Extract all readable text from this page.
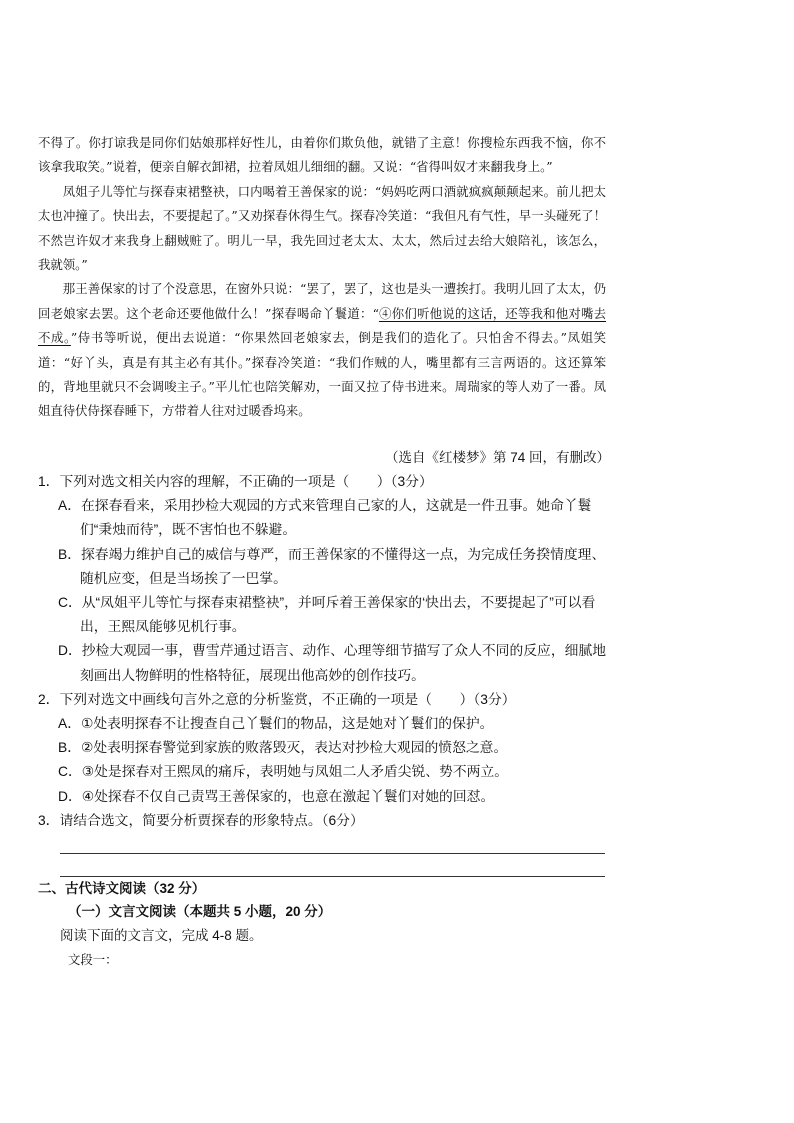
不得了。你打谅我是同你们姑娘那样好性儿，由着你们欺负他，就错了主意！你搜检东西我不恼，你不该拿我取笑。”说着，便亲自解衣卸裙，拉着凤姐儿细细的翻。又说：“省得叫奴才来翻我身上。”

凤姐子儿等忙与探春束裙整袂，口内喝着王善保家的说：“妈妈吃两口酒就疯疯颠颠起来。前儿把太太也冲撞了。快出去，不要提起了。”又劝探春休得生气。探春冷笑道：“我但凡有气性，早一头碰死了！不然岂许奴才来我身上翻贼赃了。明儿一早，我先回过老太太、太太，然后过去给大娘陪礼，该怎么，我就领。”

那王善保家的讨了个没意思，在窗外只说：“罢了，罢了，这也是头一遭挨打。我明儿回了太太，仍回老娘家去罢。这个老命还要他做什么！”探春喝命丫鬟道：“④你们听他说的这话，还等我和他对嘴去不成。”侍书等听说，便出去说道：“你果然回老娘家去，倒是我们的造化了。只怕舍不得去。”凤姐笑道：“好丫头，真是有其主必有其仆。”探春冷笑道：“我们作贼的人，嘴里都有三言两语的。这还算笨的，背地里就只不会调唆主子。”平儿忙也陪笑解劝，一面又拉了侍书进来。周瑞家的等人劝了一番。凤姐直待伏侍探春睡下，方带着人往对过暖香坞来。

（选自《红楼梦》第 74 回，有删改）

1．下列对选文相关内容的理解，不正确的一项是（　　）（3分）

A．在探春看来，采用抄检大观园的方式来管理自己家的人，这就是一件丑事。她命丫鬟们“秉烛而待”，既不害怕也不躲避。

B．探春竭力维护自己的威信与尊严，而王善保家的不懂得这一点，为完成任务揆情度理、随机应变，但是当场挨了一巴掌。

C．从“凤姐平儿等忙与探春束裙整袂”，并呵斥着王善保家的‘快出去，不要提起了”可以看出，王熙凤能够见机行事。

D．抄检大观园一事，曹雪芹通过语言、动作、心理等细节描写了众人不同的反应，细腻地刻画出人物鲜明的性格特征，展现出他高妙的创作技巧。

2．下列对选文中画线句言外之意的分析鉴赏，不正确的一项是（　　）（3分）

A．①处表明探春不让搜查自己丫鬟们的物品，这是她对丫鬟们的保护。

B．②处表明探春警觉到家族的败落毁灭，表达对抄检大观园的愤怒之意。

C．③处是探春对王熙凤的痛斥，表明她与凤姐二人矛盾尖锐、势不两立。

D．④处探春不仅自己责骂王善保家的，也意在激起丫鬟们对她的回怼。

3．请结合选文，简要分析贾探春的形象特点。（6分）

二、古代诗文阅读（32 分）
（一）文言文阅读（本题共 5 小题，20 分）
阅读下面的文言文，完成 4-8 题。
文段一：
